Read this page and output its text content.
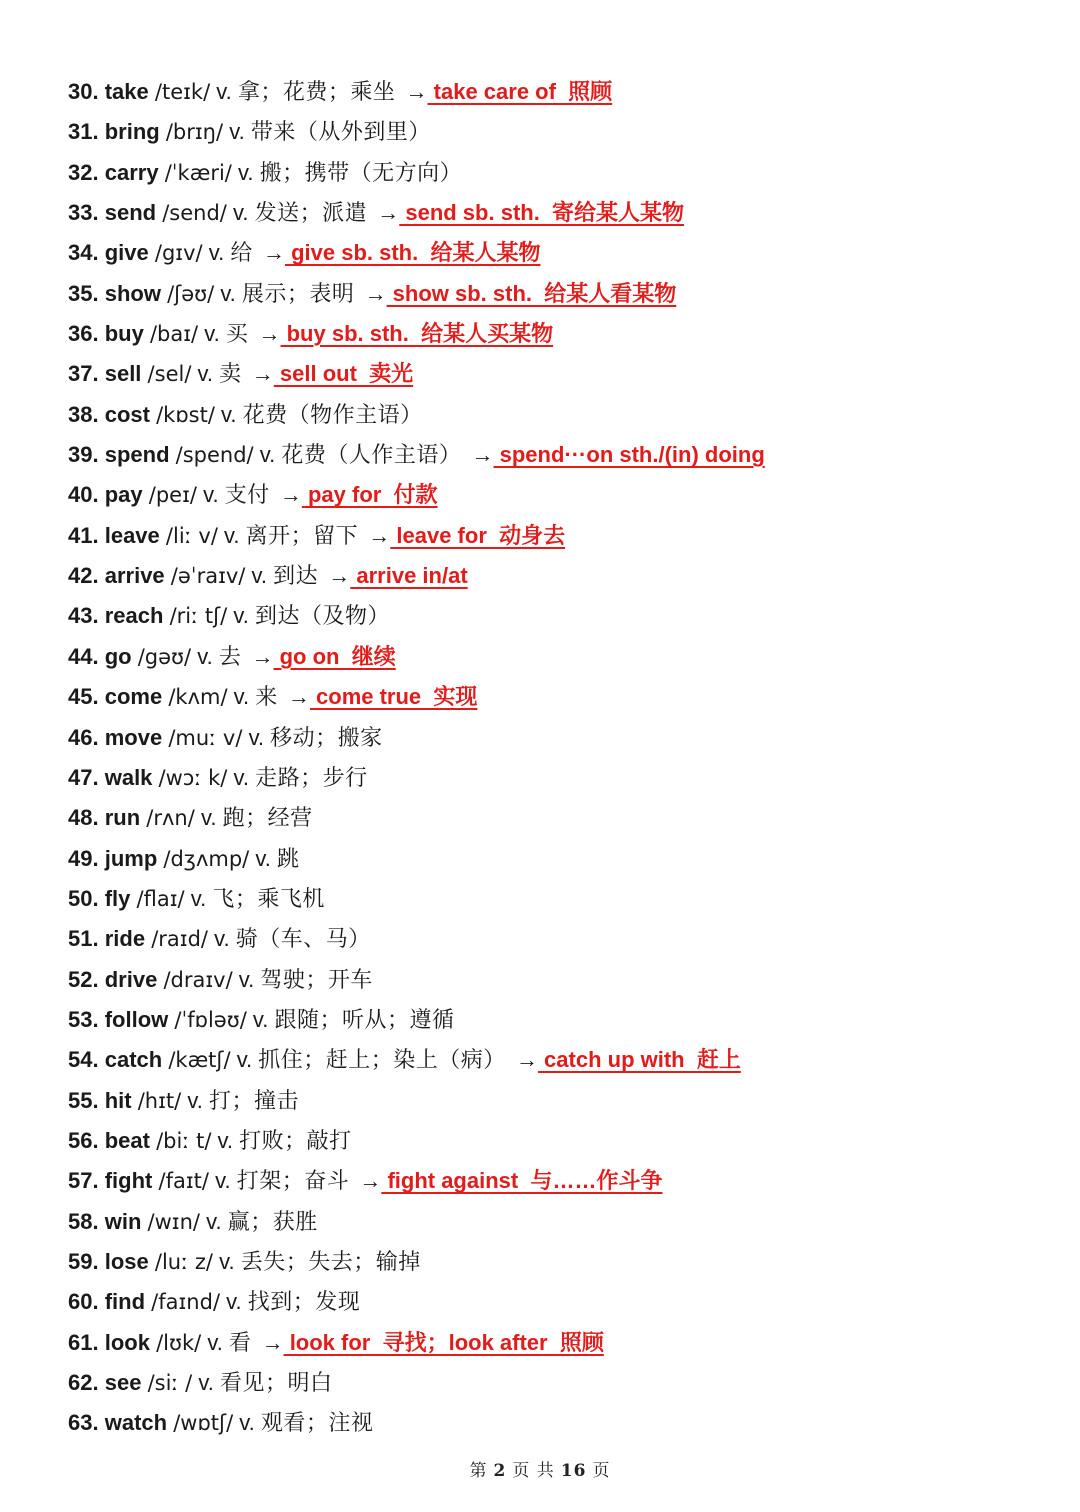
30. take /teɪk/ v. 拿；花费；乘坐 → take care of  照顾
31. bring /brɪŋ/ v. 带来（从外到里）
32. carry /ˈkæri/ v. 搬；携带（无方向）
33. send /send/ v. 发送；派遣 → send sb. sth.  寄给某人某物
34. give /gɪv/ v. 给 → give sb. sth.  给某人某物
35. show /ʃəʊ/ v. 展示；表明 → show sb. sth.  给某人看某物
36. buy /baɪ/ v. 买 → buy sb. sth.  给某人买某物
37. sell /sel/ v. 卖 → sell out  卖光
38. cost /kɒst/ v. 花费（物作主语）
39. spend /spend/ v. 花费（人作主语） → spend···on sth./(in) doing
40. pay /peɪ/ v. 支付 → pay for  付款
41. leave /liː v/ v. 离开；留下 → leave for  动身去
42. arrive /əˈraɪv/ v. 到达 → arrive in/at
43. reach /riː tʃ/ v. 到达（及物）
44. go /gəʊ/ v. 去 → go on  继续
45. come /kʌm/ v. 来 → come true  实现
46. move /muː v/ v. 移动；搬家
47. walk /wɔː k/ v. 走路；步行
48. run /rʌn/ v. 跑；经营
49. jump /dʒʌmp/ v. 跳
50. fly /flaɪ/ v. 飞；乘飞机
51. ride /raɪd/ v. 骑（车、马）
52. drive /draɪv/ v. 驾驶；开车
53. follow /ˈfɒləʊ/ v. 跟随；听从；遵循
54. catch /kætʃ/ v. 抓住；赶上；染上（病） → catch up with  赶上
55. hit /hɪt/ v. 打；撞击
56. beat /biː t/ v. 打败；敲打
57. fight /faɪt/ v. 打架；奋斗 → fight against  与……作斗争
58. win /wɪn/ v. 赢；获胜
59. lose /luː z/ v. 丢失；失去；输掉
60. find /faɪnd/ v. 找到；发现
61. look /lʊk/ v. 看 → look for  寻找；look after  照顾
62. see /siː / v. 看见；明白
63. watch /wɒtʃ/ v. 观看；注视
第 2 页 共 16 页
